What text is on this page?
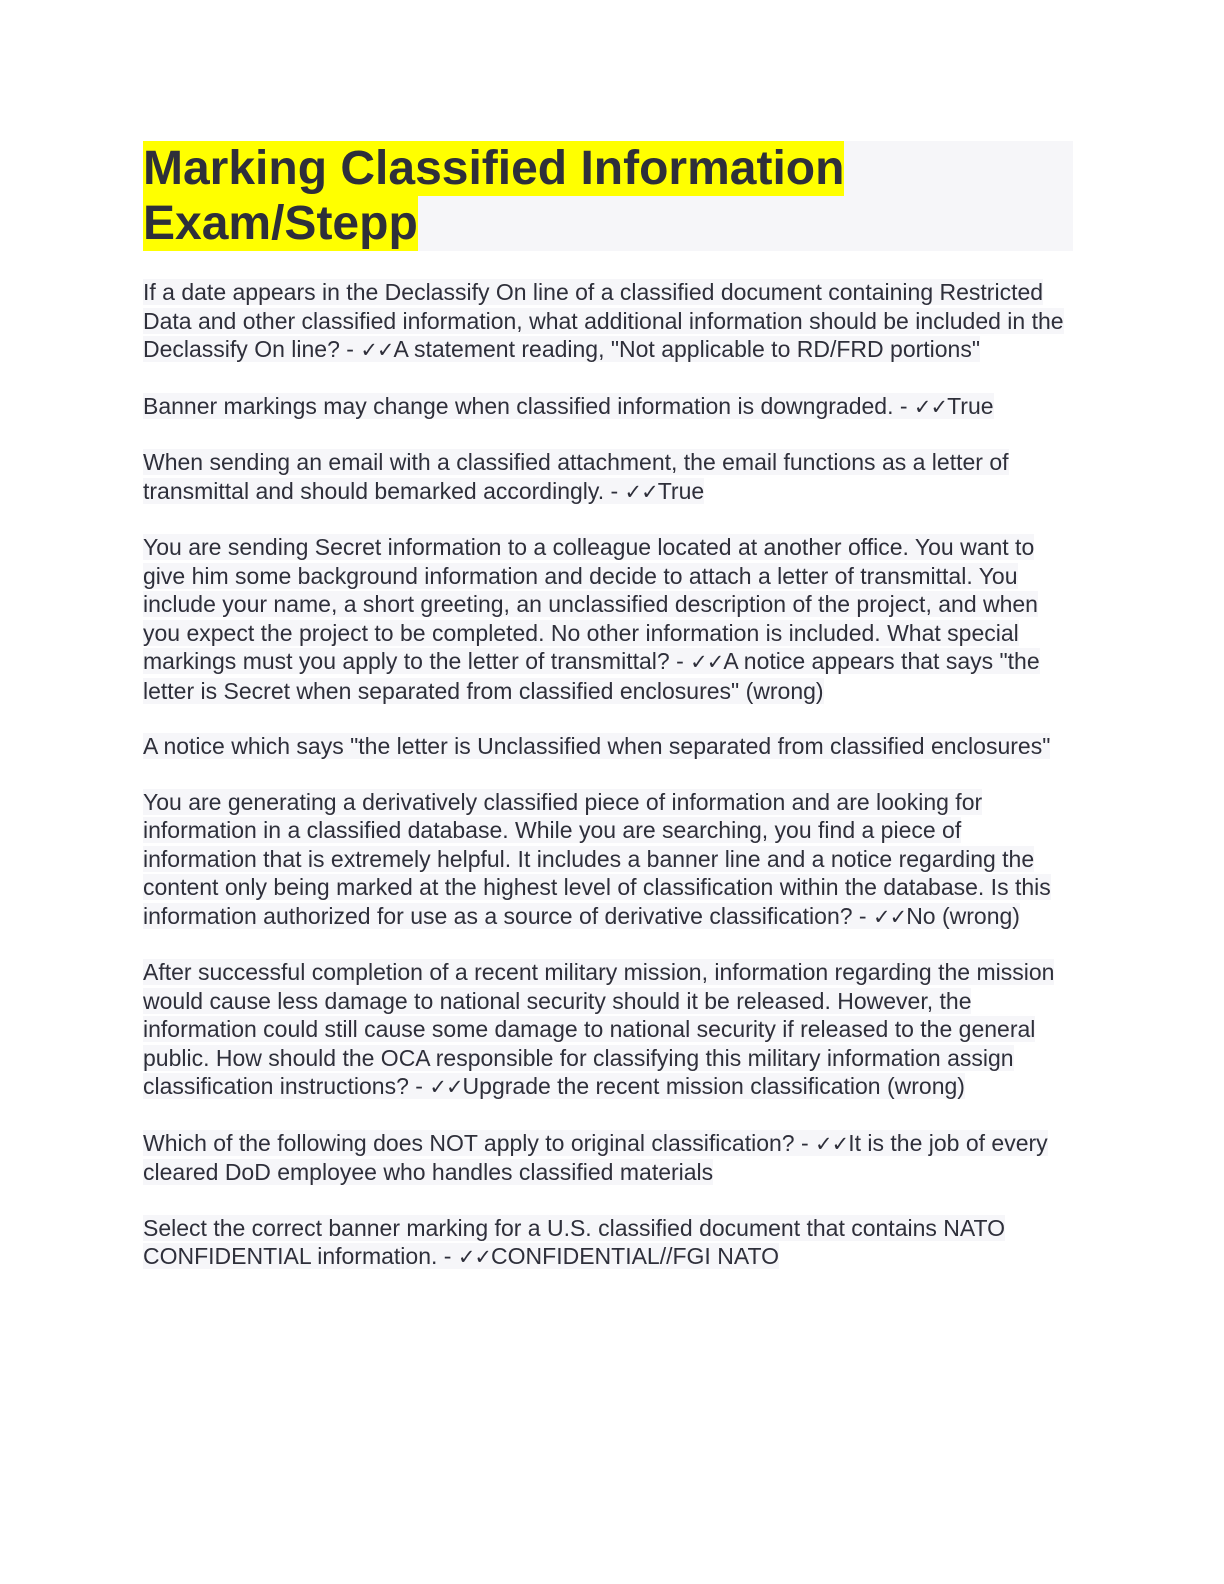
Marking Classified Information
Exam/Stepp

If a date appears in the Declassify On line of a classified document containing Restricted Data and other classified information, what additional information should be included in the Declassify On line? - ✓✓A statement reading, "Not applicable to RD/FRD portions"

Banner markings may change when classified information is downgraded. - ✓✓True

When sending an email with a classified attachment, the email functions as a letter of transmittal and should bemarked accordingly. - ✓✓True

You are sending Secret information to a colleague located at another office. You want to give him some background information and decide to attach a letter of transmittal. You include your name, a short greeting, an unclassified description of the project, and when you expect the project to be completed. No other information is included. What special markings must you apply to the letter of transmittal? - ✓✓A notice appears that says "the letter is Secret when separated from classified enclosures" (wrong)

A notice which says "the letter is Unclassified when separated from classified enclosures"

You are generating a derivatively classified piece of information and are looking for information in a classified database. While you are searching, you find a piece of information that is extremely helpful. It includes a banner line and a notice regarding the content only being marked at the highest level of classification within the database. Is this information authorized for use as a source of derivative classification? - ✓✓No (wrong)

After successful completion of a recent military mission, information regarding the mission would cause less damage to national security should it be released. However, the information could still cause some damage to national security if released to the general public. How should the OCA responsible for classifying this military information assign classification instructions? - ✓✓Upgrade the recent mission classification (wrong)

Which of the following does NOT apply to original classification? - ✓✓It is the job of every cleared DoD employee who handles classified materials

Select the correct banner marking for a U.S. classified document that contains NATO CONFIDENTIAL information. - ✓✓CONFIDENTIAL//FGI NATO
